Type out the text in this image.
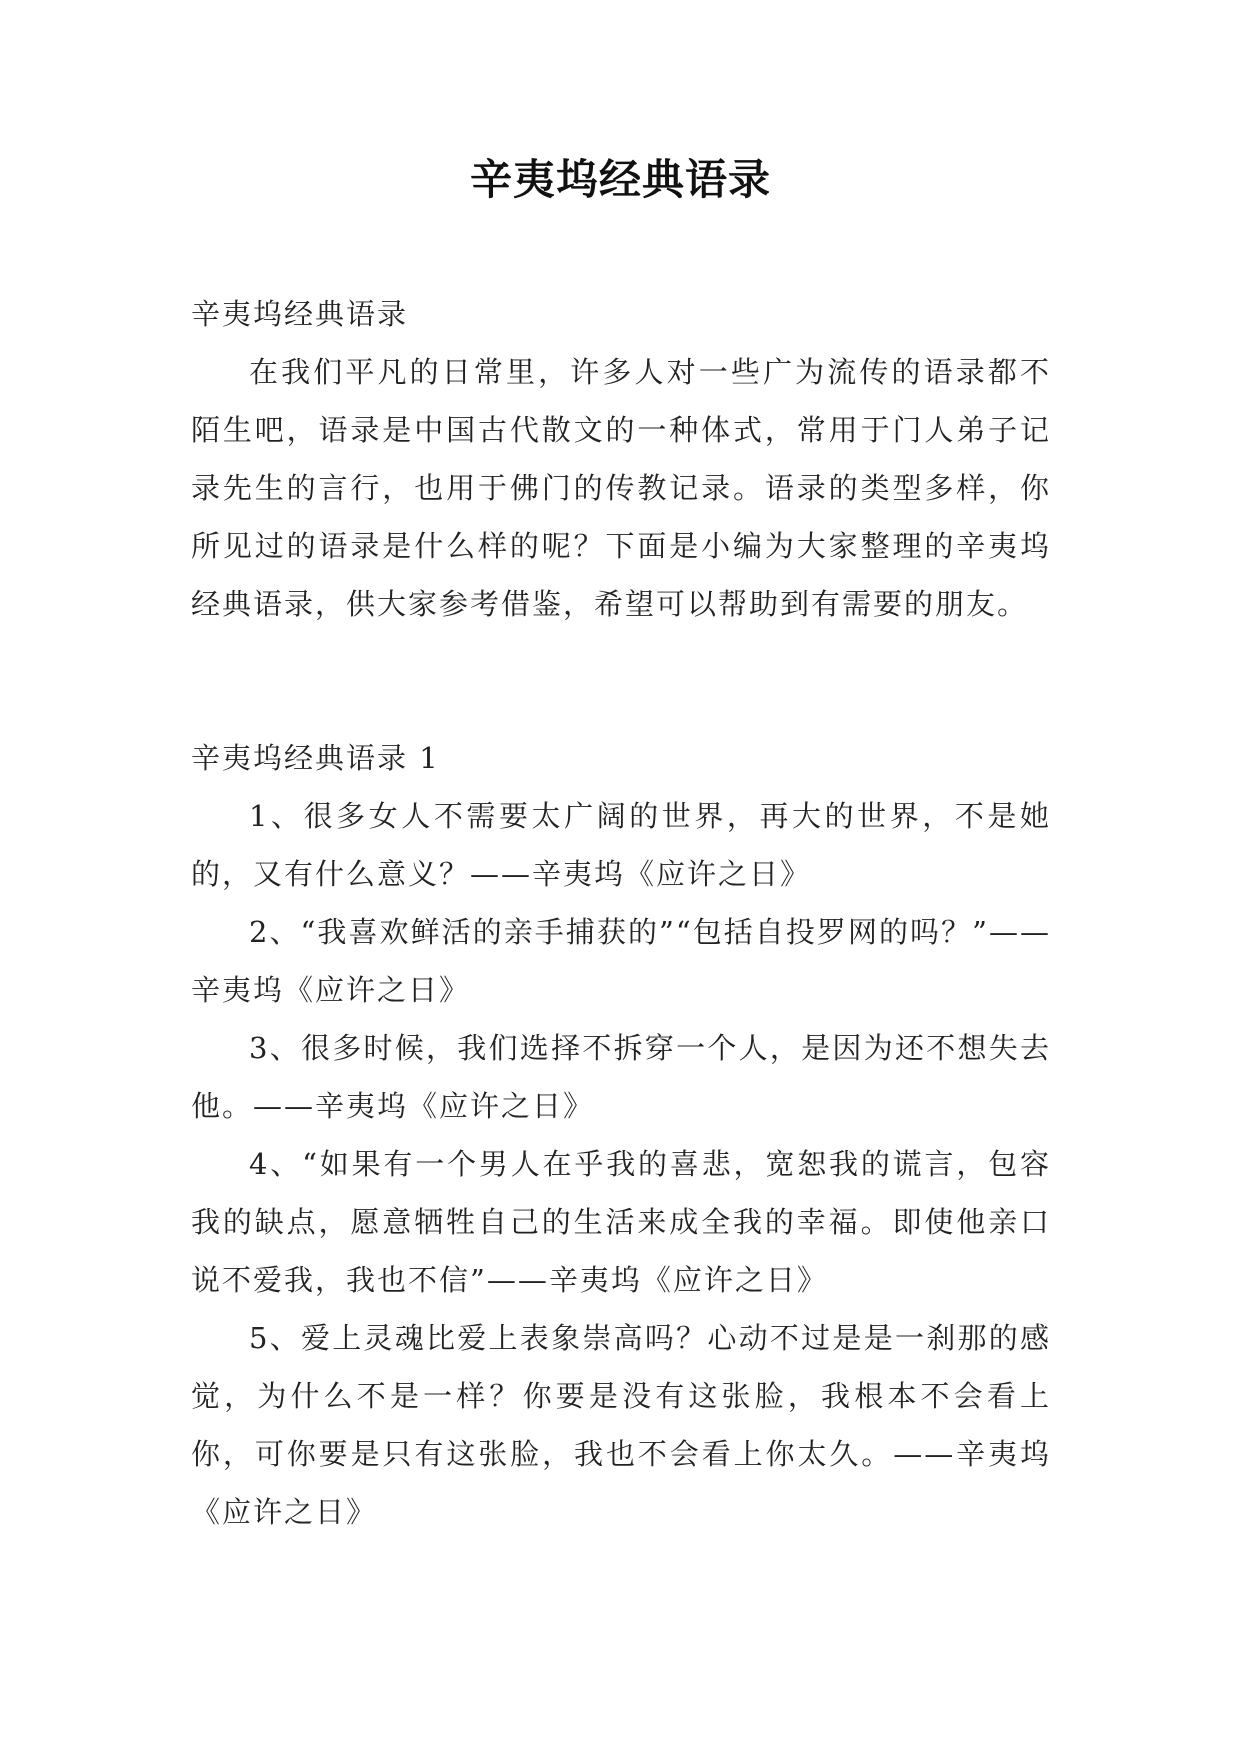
辛夷坞经典语录
辛夷坞经典语录

在我们平凡的日常里，许多人对一些广为流传的语录都不陌生吧，语录是中国古代散文的一种体式，常用于门人弟子记录先生的言行，也用于佛门的传教记录。语录的类型多样，你所见过的语录是什么样的呢？下面是小编为大家整理的辛夷坞经典语录，供大家参考借鉴，希望可以帮助到有需要的朋友。

辛夷坞经典语录 1

1、很多女人不需要太广阔的世界，再大的世界，不是她的，又有什么意义？——辛夷坞《应许之日》

2、“我喜欢鲜活的亲手捕获的”“包括自投罗网的吗？”——辛夷坞《应许之日》

3、很多时候，我们选择不拆穿一个人，是因为还不想失去他。——辛夷坞《应许之日》

4、“如果有一个男人在乎我的喜悲，宽恕我的谎言，包容我的缺点，愿意牺牲自己的生活来成全我的幸福。即使他亲口说不爱我，我也不信”——辛夷坞《应许之日》

5、爱上灵魂比爱上表象崇高吗？心动不过是是一刹那的感觉，为什么不是一样？你要是没有这张脸，我根本不会看上你，可你要是只有这张脸，我也不会看上你太久。——辛夷坞《应许之日》
